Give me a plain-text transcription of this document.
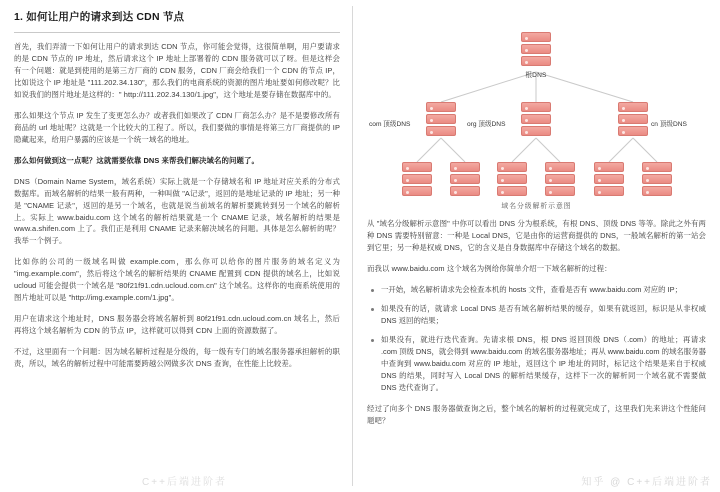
1. 如何让用户的请求到达 CDN 节点

首先，我们弄清一下如何让用户的请求到达 CDN 节点，你可能会觉得，这很简单啊，用户要请求的是 CDN 节点的 IP 地址，然后请求这个 IP 地址上部署着的 CDN 服务就可以了呀。但是这样会有一个问题：就是到使用的是第三方厂商的 CDN 服务，CDN 厂商会给我们一个 CDN 的节点 IP，比如说这个 IP 地址是 "111.202.34.130"，那么我们的电商系统的资源的图片地址要如何修改呢？比如说我们的图片地址是这样的：" http://111.202.34.130/1.jpg"，这个地址是要存储在数据库中的。

那么如果这个节点 IP 发生了变更怎么办？或者我们如果改了 CDN 厂商怎么办？是不是要修改所有商品的 url 地址呢？这就是一个比较大的工程了。所以，我们要做的事情是将第三方厂商提供的 IP 隐藏起来，给用户暴露的应该是一个统一域名的地址。

那么如何做到这一点呢？这就需要依靠 DNS 来帮我们解决域名的问题了。

DNS（Domain Name System，域名系统）实际上就是一个存储域名和 IP 地址对应关系的分布式数据库。而域名解析的结果一般有两种，一种叫做 "A记录"，返回的是地址记录的 IP 地址；另一种是 "CNAME 记录"，返回的是另一个域名，也就是说当前域名的解析要跳转到另一个域名的解析上。实际上 www.baidu.com 这个域名的解析结果就是一个 CNAME 记录，域名解析的结果是 www.a.shifen.com 上了。我们正是利用 CNAME 记录来解决域名的问题。具体是怎么解析的呢？我举一个例子。

比如你的公司的一级域名叫做 example.com，那么你可以给你的图片服务的域名定义为 "img.example.com"，然后将这个域名的解析结果的 CNAME 配置到 CDN 提供的域名上，比如说 ucloud 可能会提供一个域名是 "80f21f91.cdn.ucloud.com.cn" 这个域名。这样你的电商系统使用的图片地址可以是 "http://img.example.com/1.jpg"。

用户在请求这个地址时，DNS 服务器会将域名解析到 80f21f91.cdn.ucloud.com.cn 域名上，然后再将这个域名解析为 CDN 的节点 IP，这样就可以得到 CDN 上面的资源数据了。

不过，这里面有一个问题：因为域名解析过程是分级的，每一级有专门的域名服务器承担解析的职责，所以，域名的解析过程中可能需要跨越公网做多次 DNS 查询，在性能上比较差。

C++后端进阶者
根DNS
com 顶级DNS	org 顶级DNS	cn 顶级DNS
域名分级解析示意图

从 "域名分级解析示意图" 中你可以看出 DNS 分为根系统，有根 DNS、顶级 DNS 等等。除此之外有两种 DNS 需要特别留意：一种是 Local DNS，它是由你的运营商提供的 DNS，一般域名解析的第一站会到它里；另一种是权威 DNS，它的含义是自身数据库中存储这个域名的数据。

而我以 www.baidu.com 这个域名为例给你简单介绍一下域名解析的过程：

一开始，域名解析请求先会检查本机的 hosts 文件，查看是否有 www.baidu.com 对应的 IP；
如果没有的话，就请求 Local DNS 是否有域名解析结果的缓存，如果有就返回，标识是从非权威 DNS 返回的结果；
如果没有，就进行迭代查询。先请求根 DNS，根 DNS 返回顶级 DNS（.com）的地址；再请求 .com 顶级 DNS，就会得到 www.baidu.com 的域名服务器地址；再从 www.baidu.com 的域名服务器中查询到 www.baidu.com 对应的 IP 地址，返回这个 IP 地址的同时，标记这个结果是来自于权威 DNS 的结果，同时写入 Local DNS 的解析结果缓存，这样下一次的解析同一个域名就不需要做 DNS 迭代查询了。

经过了向多个 DNS 服务器做查询之后，整个域名的解析的过程就完成了，这里我们先来讲这个性能问题吧？

知乎 @ C++后端进阶者
